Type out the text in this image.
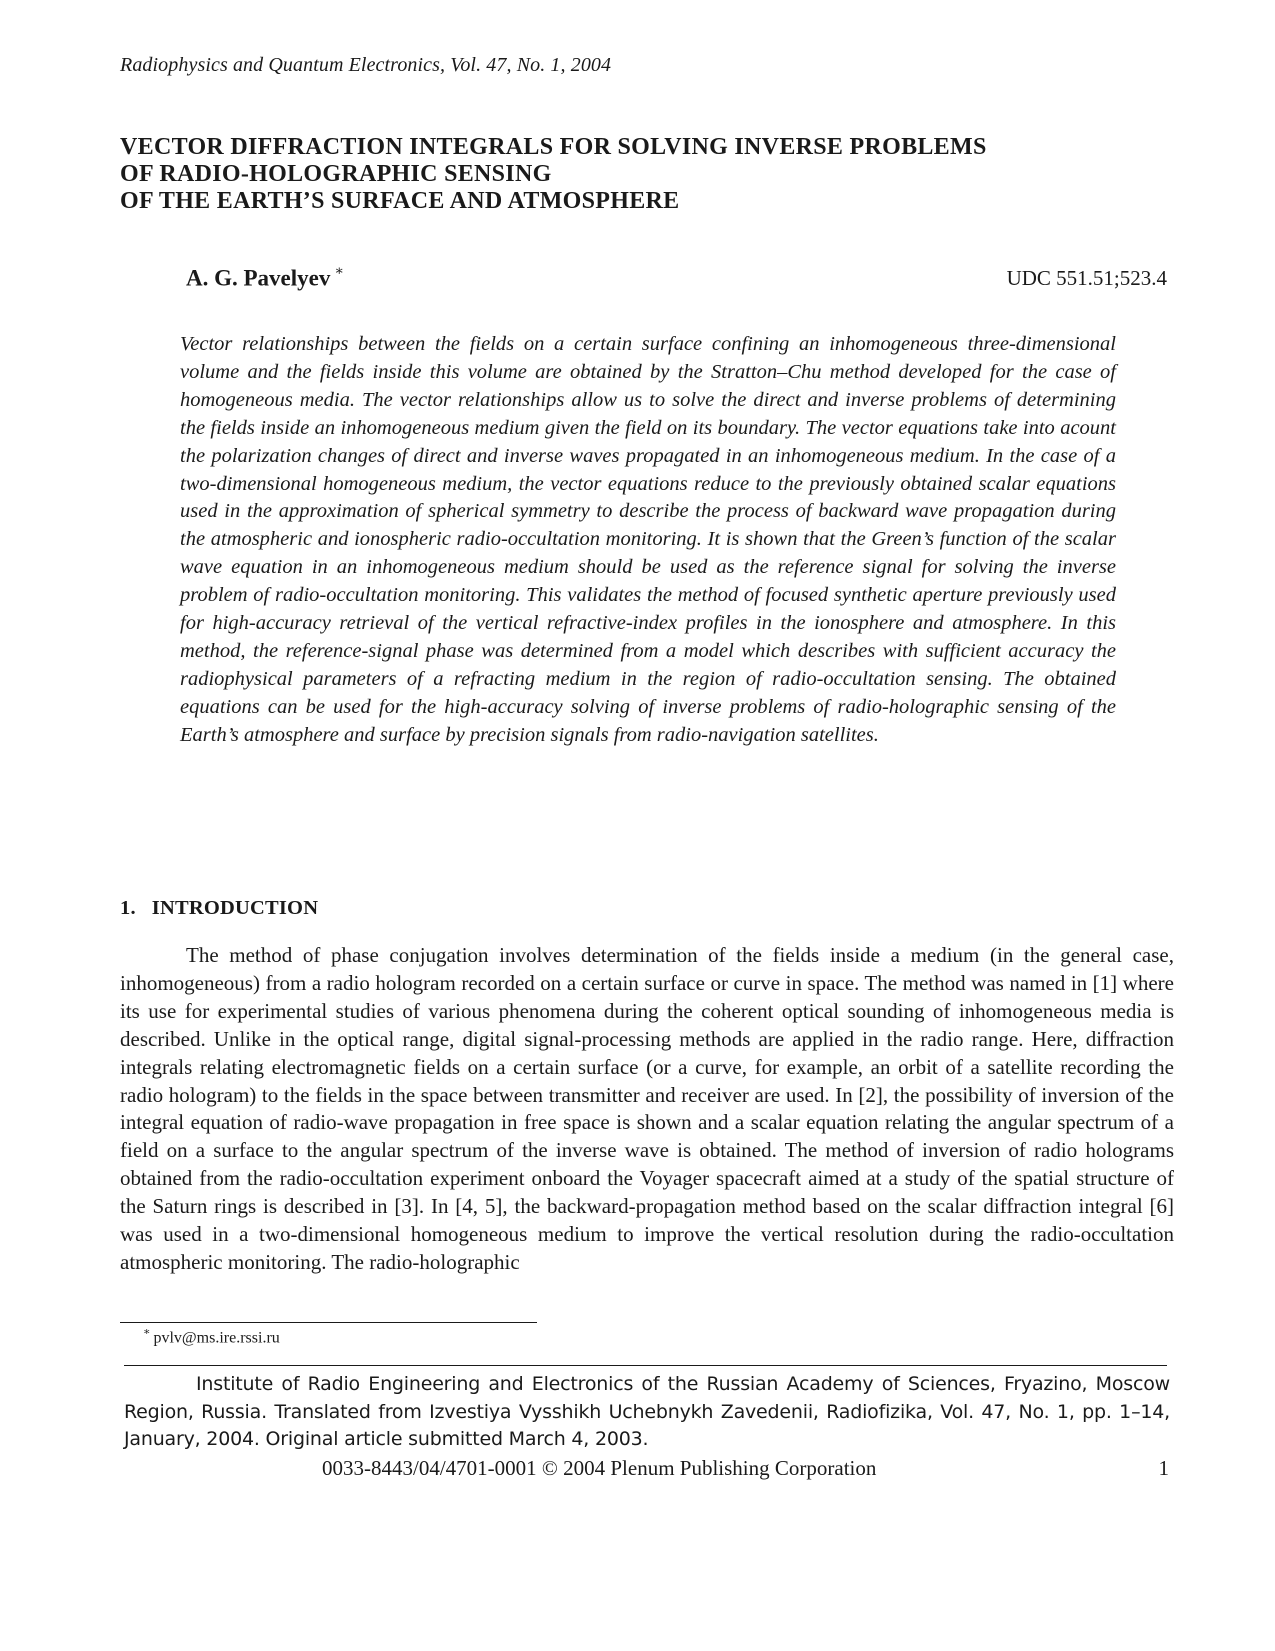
Radiophysics and Quantum Electronics, Vol. 47, No. 1, 2004
VECTOR DIFFRACTION INTEGRALS FOR SOLVING INVERSE PROBLEMS
OF RADIO-HOLOGRAPHIC SENSING
OF THE EARTH’S SURFACE AND ATMOSPHERE
A. G. Pavelyev ∗	UDC 551.51;523.4

Vector relationships between the fields on a certain surface confining an inhomogeneous three-dimensional volume and the fields inside this volume are obtained by the Stratton–Chu method developed for the case of homogeneous media. The vector relationships allow us to solve the direct and inverse problems of determining the fields inside an inhomogeneous medium given the field on its boundary. The vector equations take into acount the polarization changes of direct and inverse waves propagated in an inhomogeneous medium. In the case of a two-dimensional homogeneous medium, the vector equations reduce to the previously obtained scalar equations used in the approximation of spherical symmetry to describe the process of backward wave propagation during the atmospheric and ionospheric radio-occultation monitoring. It is shown that the Green’s function of the scalar wave equation in an inhomogeneous medium should be used as the reference signal for solving the inverse problem of radio-occultation monitoring. This validates the method of focused synthetic aperture previously used for high-accuracy retrieval of the vertical refractive-index profiles in the ionosphere and atmosphere. In this method, the reference-signal phase was determined from a model which describes with sufficient accuracy the radiophysical parameters of a refracting medium in the region of radio-occultation sensing. The obtained equations can be used for the high-accuracy solving of inverse problems of radio-holographic sensing of the Earth’s atmosphere and surface by precision signals from radio-navigation satellites.

1. INTRODUCTION

The method of phase conjugation involves determination of the fields inside a medium (in the general case, inhomogeneous) from a radio hologram recorded on a certain surface or curve in space. The method was named in [1] where its use for experimental studies of various phenomena during the coherent optical sounding of inhomogeneous media is described. Unlike in the optical range, digital signal-processing methods are applied in the radio range. Here, diffraction integrals relating electromagnetic fields on a certain surface (or a curve, for example, an orbit of a satellite recording the radio hologram) to the fields in the space between transmitter and receiver are used. In [2], the possibility of inversion of the integral equation of radio-wave propagation in free space is shown and a scalar equation relating the angular spectrum of a field on a surface to the angular spectrum of the inverse wave is obtained. The method of inversion of radio holograms obtained from the radio-occultation experiment onboard the Voyager spacecraft aimed at a study of the spatial structure of the Saturn rings is described in [3]. In [4, 5], the backward-propagation method based on the scalar diffraction integral [6] was used in a two-dimensional homogeneous medium to improve the vertical resolution during the radio-occultation atmospheric monitoring. The radio-holographic

∗ pvlv@ms.ire.rssi.ru

Institute of Radio Engineering and Electronics of the Russian Academy of Sciences, Fryazino, Moscow Region, Russia. Translated from Izvestiya Vysshikh Uchebnykh Zavedenii, Radiofizika, Vol. 47, No. 1, pp. 1–14, January, 2004. Original article submitted March 4, 2003.

0033-8443/04/4701-0001 © 2004 Plenum Publishing Corporation	1
